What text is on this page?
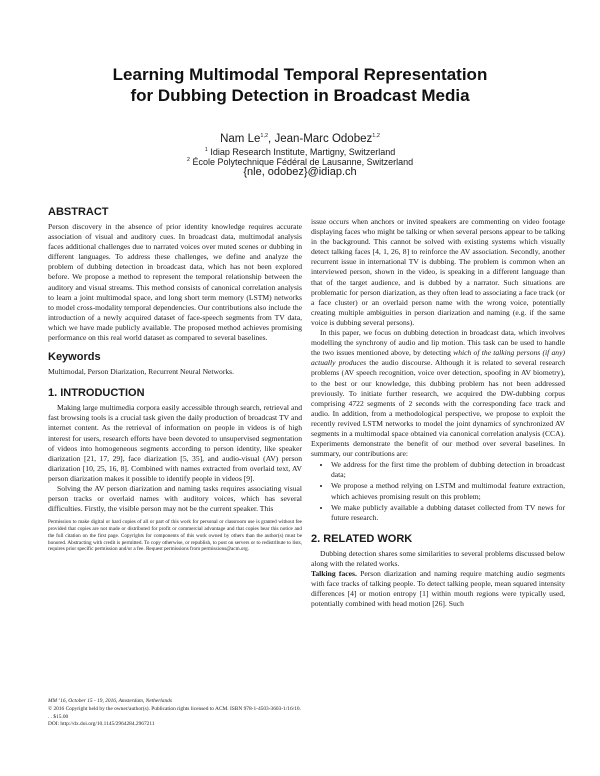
Learning Multimodal Temporal Representation
for Dubbing Detection in Broadcast Media
Nam Le$^{1,2}$, Jean-Marc Odobez$^{1,2}$
$^1$ Idiap Research Institute, Martigny, Switzerland
$^2$ École Polytechnique Fédéral de Lausanne, Switzerland
{nle, odobez}@idiap.ch
ABSTRACT

Person discovery in the absence of prior identity knowledge requires accurate association of visual and auditory cues. In broadcast data, multimodal analysis faces additional challenges due to narrated voices over muted scenes or dubbing in different languages. To address these challenges, we define and analyze the problem of dubbing detection in broadcast data, which has not been explored before. We propose a method to represent the temporal relationship between the auditory and visual streams. This method consists of canonical correlation analysis to learn a joint multimodal space, and long short term memory (LSTM) networks to model cross-modality temporal dependencies. Our contributions also include the introduction of a newly acquired dataset of face-speech segments from TV data, which we have made publicly available. The proposed method achieves promising performance on this real world dataset as compared to several baselines.

Keywords

Multimodal, Person Diarization, Recurrent Neural Networks.

1. INTRODUCTION

Making large multimedia corpora easily accessible through search, retrieval and fast browsing tools is a crucial task given the daily production of broadcast TV and internet content. As the retrieval of information on people in videos is of high interest for users, research efforts have been devoted to unsupervised segmentation of videos into homogeneous segments according to person identity, like speaker diarization [21, 17, 29], face diarization [5, 35], and audio-visual (AV) person diarization [10, 25, 16, 8]. Combined with names extracted from overlaid text, AV person diarization makes it possible to identify people in videos [9].

Solving the AV person diarization and naming tasks requires associating visual person tracks or overlaid names with auditory voices, which has several difficulties. Firstly, the visible person may not be the current speaker. This

Permission to make digital or hard copies of all or part of this work for personal or classroom use is granted without fee provided that copies are not made or distributed for profit or commercial advantage and that copies bear this notice and the full citation on the first page. Copyrights for components of this work owned by others than the author(s) must be honored. Abstracting with credit is permitted. To copy otherwise, or republish, to post on servers or to redistribute to lists, requires prior specific permission and/or a fee. Request permissions from permissions@acm.org.

MM ’16, October 15 - 19, 2016, Amsterdam, Netherlands
© 2016 Copyright held by the owner/author(s). Publication rights licensed to ACM. ISBN 978-1-4503-3603-1/16/10. . . $15.00
DOI: http://dx.doi.org/10.1145/2964284.2967211

issue occurs when anchors or invited speakers are commenting on video footage displaying faces who might be talking or when several persons appear to be talking in the background. This cannot be solved with existing systems which visually detect talking faces [4, 1, 26, 8] to reinforce the AV association. Secondly, another recurrent issue in international TV is dubbing. The problem is common when an interviewed person, shown in the video, is speaking in a different language than that of the target audience, and is dubbed by a narrator. Such situations are problematic for person diarization, as they often lead to associating a face track (or a face cluster) or an overlaid person name with the wrong voice, potentially creating multiple ambiguities in person diarization and naming (e.g. if the same voice is dubbing several persons).

In this paper, we focus on dubbing detection in broadcast data, which involves modelling the synchrony of audio and lip motion. This task can be used to handle the two issues mentioned above, by detecting which of the talking persons (if any) actually produces the audio discourse. Although it is related to several research problems (AV speech recognition, voice over detection, spoofing in AV biometry), to the best or our knowledge, this dubbing problem has not been addressed previously. To initiate further research, we acquired the DW-dubbing corpus comprising 4722 segments of 2 seconds with the corresponding face track and audio. In addition, from a methodological perspective, we propose to exploit the recently revived LSTM networks to model the joint dynamics of synchronized AV segments in a multimodal space obtained via canonical correlation analysis (CCA). Experiments demonstrate the benefit of our method over several baselines. In summary, our contributions are:

• We address for the first time the problem of dubbing detection in broadcast data;
• We propose a method relying on LSTM and multimodal feature extraction, which achieves promising result on this problem;
• We make publicly available a dubbing dataset collected from TV news for future research.
2. RELATED WORK

Dubbing detection shares some similarities to several problems discussed below along with the related works.

Talking faces. Person diarization and naming require matching audio segments with face tracks of talking people. To detect talking people, mean squared intensity differences [4] or motion entropy [1] within mouth regions were typically used, potentially combined with head motion [26]. Such
